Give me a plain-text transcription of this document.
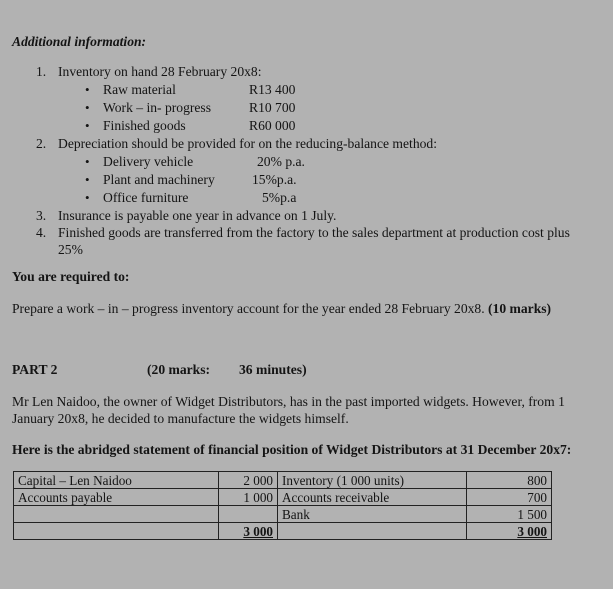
Additional information:
1. Inventory on hand 28 February 20x8:
• Raw material	R13 400
• Work – in- progress	R10 700
• Finished goods	R60 000
2. Depreciation should be provided for on the reducing-balance method:
• Delivery vehicle	20% p.a.
• Plant and machinery	15%p.a.
• Office furniture	5%p.a
3. Insurance is payable one year in advance on 1 July.
4. Finished goods are transferred from the factory to the sales department at production cost plus
25%
You are required to:
Prepare a work – in – progress inventory account for the year ended 28 February 20x8. (10 marks)
PART 2	(20 marks: 36 minutes)
Mr Len Naidoo, the owner of Widget Distributors, has in the past imported widgets. However, from 1
January 20x8, he decided to manufacture the widgets himself.
Here is the abridged statement of financial position of Widget Distributors at 31 December 20x7:
Capital – Len Naidoo	2 000	Inventory (1 000 units)	800
Accounts payable	1 000	Accounts receivable	700
		Bank	1 500
	3 000		3 000
